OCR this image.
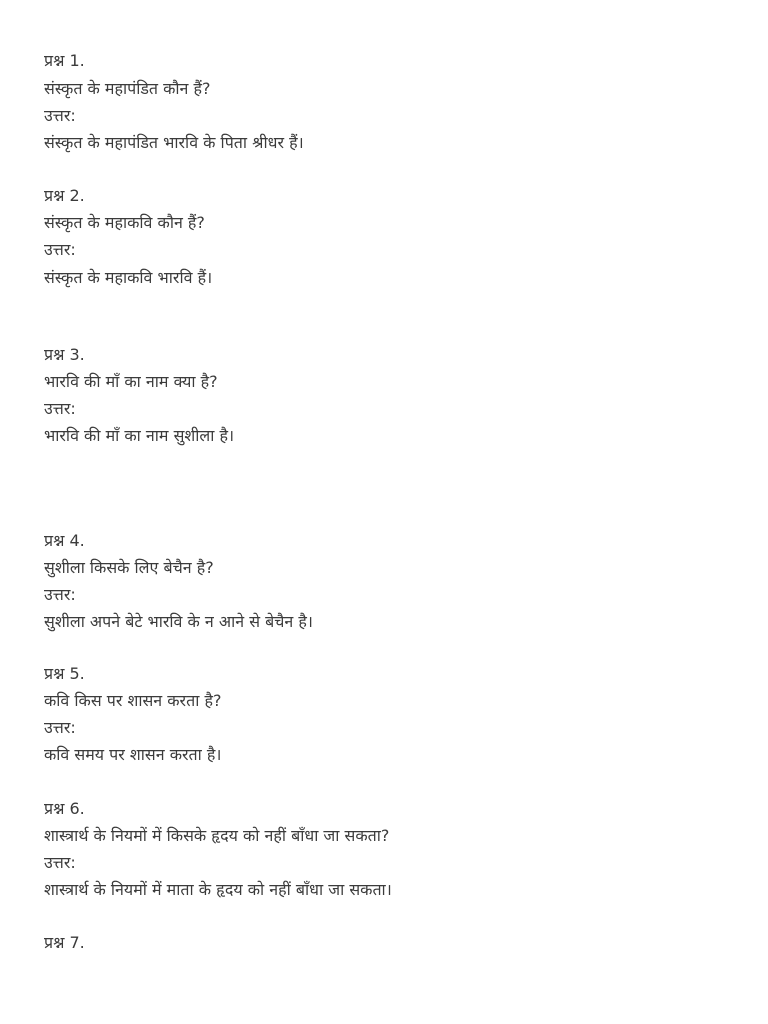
प्रश्न 1.
संस्कृत के महापंडित कौन हैं?
उत्तर:
संस्कृत के महापंडित भारवि के पिता श्रीधर हैं।
प्रश्न 2.
संस्कृत के महाकवि कौन हैं?
उत्तर:
संस्कृत के महाकवि भारवि हैं।
प्रश्न 3.
भारवि की माँ का नाम क्या है?
उत्तर:
भारवि की माँ का नाम सुशीला है।
प्रश्न 4.
सुशीला किसके लिए बेचैन है?
उत्तर:
सुशीला अपने बेटे भारवि के न आने से बेचैन है।
प्रश्न 5.
कवि किस पर शासन करता है?
उत्तर:
कवि समय पर शासन करता है।
प्रश्न 6.
शास्त्रार्थ के नियमों में किसके हृदय को नहीं बाँधा जा सकता?
उत्तर:
शास्त्रार्थ के नियमों में माता के हृदय को नहीं बाँधा जा सकता।
प्रश्न 7.
